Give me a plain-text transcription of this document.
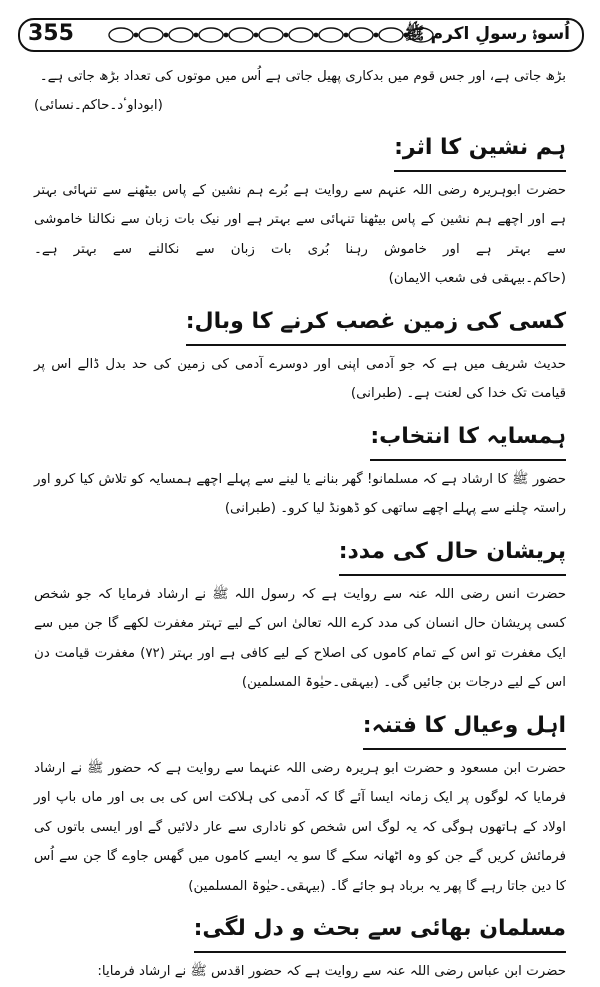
355	اُسوۂ رسولِ اکرم ﷺ

بڑھ جاتی ہے، اور جس قوم میں بدکاری پھیل جاتی ہے اُس میں موتوں کی تعداد بڑھ جاتی ہے۔

(ابوداوٴد۔حاکم۔نسائی)

ہم نشین کا اثر:

حضرت ابوہریرہ رضی اللہ عنہم سے روایت ہے بُرے ہم نشین کے پاس بیٹھنے سے تنہائی بہتر ہے اور اچھے ہم نشین کے پاس بیٹھنا تنہائی سے بہتر ہے اور نیک بات زبان سے نکالنا خاموشی سے بہتر ہے اور خاموش رہنا بُری بات زبان سے نکالنے سے بہتر ہے۔ (حاکم۔بیہقی فی شعب الایمان)

کسی کی زمین غصب کرنے کا وبال:

حدیث شریف میں ہے کہ جو آدمی اپنی اور دوسرے آدمی کی زمین کی حد بدل ڈالے اس پر قیامت تک خدا کی لعنت ہے۔ (طبرانی)

ہمسایہ کا انتخاب:

حضور ﷺ کا ارشاد ہے کہ مسلمانو! گھر بنانے یا لینے سے پہلے اچھے ہمسایہ کو تلاش کیا کرو اور راستہ چلنے سے پہلے اچھے ساتھی کو ڈھونڈ لیا کرو۔ (طبرانی)

پریشان حال کی مدد:

حضرت انس رضی اللہ عنہ سے روایت ہے کہ رسول اللہ ﷺ نے ارشاد فرمایا کہ جو شخص کسی پریشان حال انسان کی مدد کرے اللہ تعالیٰ اس کے لیے تہتر مغفرت لکھے گا جن میں سے ایک مغفرت تو اس کے تمام کاموں کی اصلاح کے لیے کافی ہے اور بہتر (۷۲) مغفرت قیامت دن اس کے لیے درجات بن جائیں گی۔ (بیہقی۔حیٰوۃ المسلمین)

اہل وعیال کا فتنہ:

حضرت ابن مسعود و حضرت ابو ہریرہ رضی اللہ عنہما سے روایت ہے کہ حضور ﷺ نے ارشاد فرمایا کہ لوگوں پر ایک زمانہ ایسا آئے گا کہ آدمی کی ہلاکت اس کی بی بی اور ماں باپ اور اولاد کے ہاتھوں ہوگی کہ یہ لوگ اس شخص کو ناداری سے عار دلائیں گے اور ایسی باتوں کی فرمائش کریں گے جن کو وہ اٹھانہ سکے گا سو یہ ایسے کاموں میں گھس جاوے گا جن سے اُس کا دین جاتا رہے گا پھر یہ برباد ہو جائے گا۔ (بیہقی۔حیٰوۃ المسلمین)

مسلمان بھائی سے بحث و دل لگی:

حضرت ابن عباس رضی اللہ عنہ سے روایت ہے کہ حضور اقدس ﷺ نے ارشاد فرمایا:
